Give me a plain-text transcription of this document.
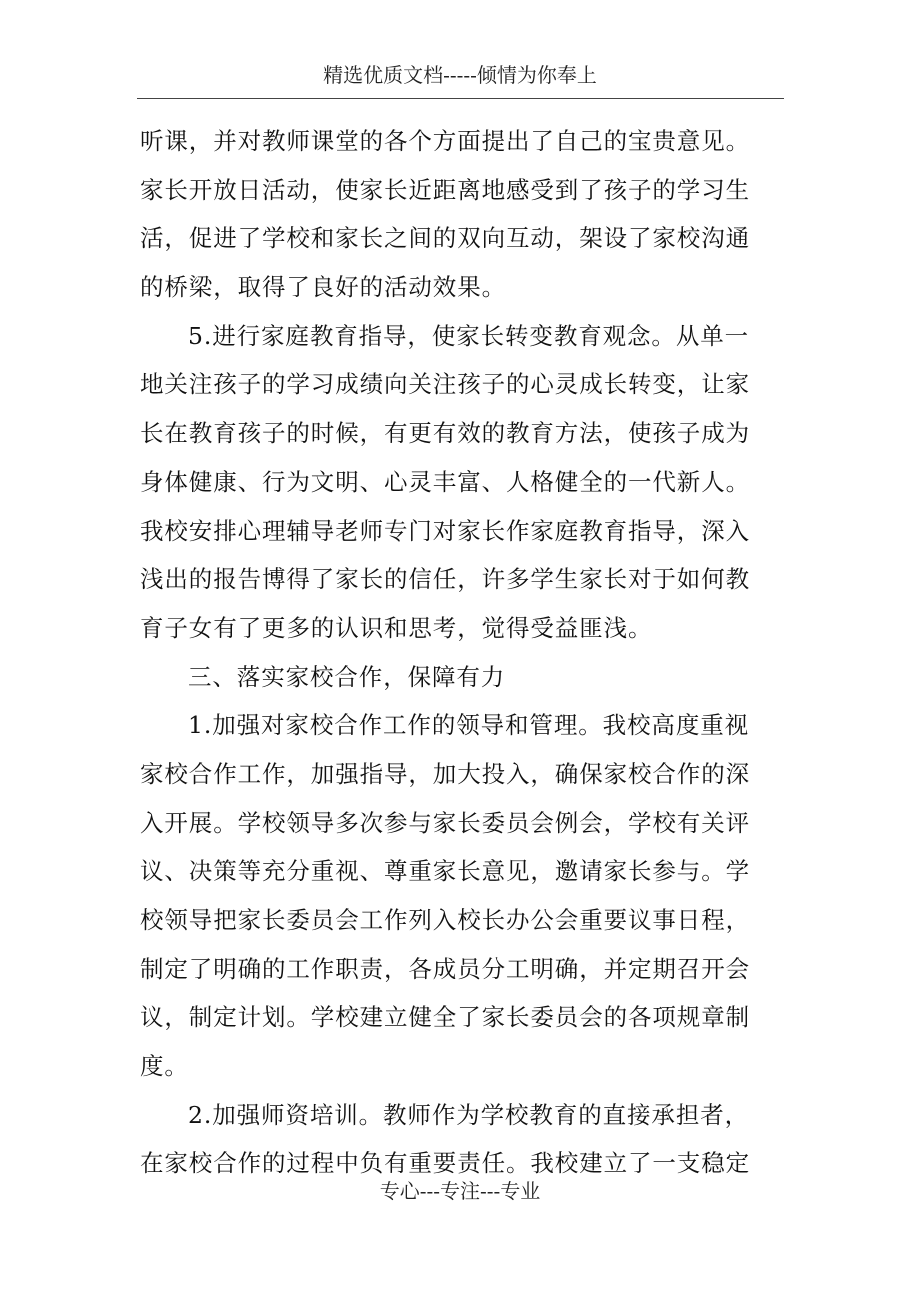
精选优质文档-----倾情为你奉上
听课，并对教师课堂的各个方面提出了自己的宝贵意见。
家长开放日活动，使家长近距离地感受到了孩子的学习生
活，促进了学校和家长之间的双向互动，架设了家校沟通
的桥梁，取得了良好的活动效果。
5.进行家庭教育指导，使家长转变教育观念。从单一
地关注孩子的学习成绩向关注孩子的心灵成长转变，让家
长在教育孩子的时候，有更有效的教育方法，使孩子成为
身体健康、行为文明、心灵丰富、人格健全的一代新人。
我校安排心理辅导老师专门对家长作家庭教育指导，深入
浅出的报告博得了家长的信任，许多学生家长对于如何教
育子女有了更多的认识和思考，觉得受益匪浅。
三、落实家校合作，保障有力
1.加强对家校合作工作的领导和管理。我校高度重视
家校合作工作，加强指导，加大投入，确保家校合作的深
入开展。学校领导多次参与家长委员会例会，学校有关评
议、决策等充分重视、尊重家长意见，邀请家长参与。学
校领导把家长委员会工作列入校长办公会重要议事日程，
制定了明确的工作职责，各成员分工明确，并定期召开会
议，制定计划。学校建立健全了家长委员会的各项规章制
度。
2.加强师资培训。教师作为学校教育的直接承担者，
在家校合作的过程中负有重要责任。我校建立了一支稳定
专心---专注---专业
